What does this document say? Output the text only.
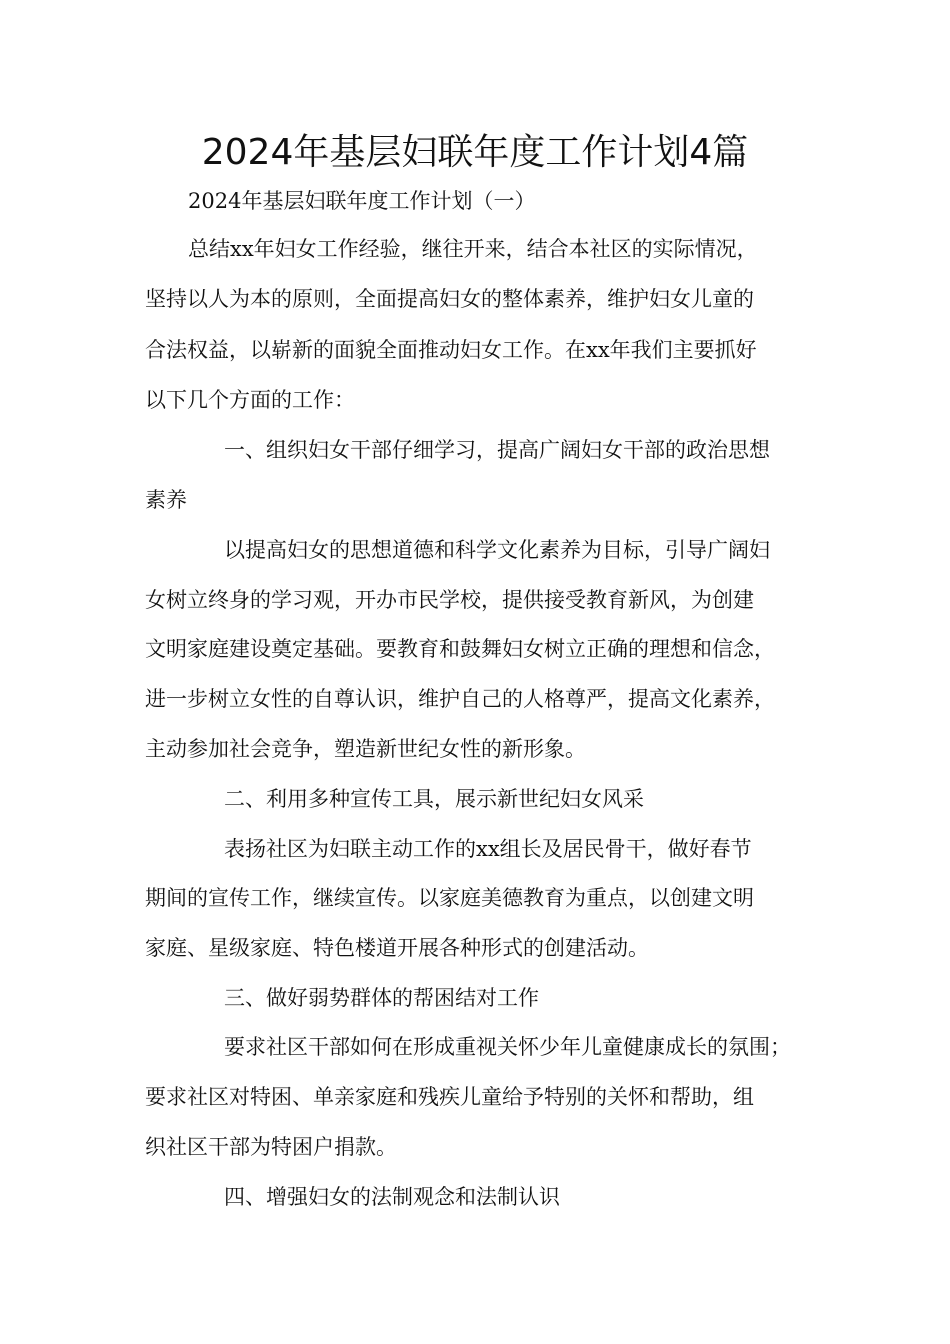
2024年基层妇联年度工作计划4篇
2024年基层妇联年度工作计划（一）
总结xx年妇女工作经验，继往开来，结合本社区的实际情况，
坚持以人为本的原则，全面提高妇女的整体素养，维护妇女儿童的
合法权益，以崭新的面貌全面推动妇女工作。在xx年我们主要抓好
以下几个方面的工作：
一、组织妇女干部仔细学习，提高广阔妇女干部的政治思想
素养
以提高妇女的思想道德和科学文化素养为目标，引导广阔妇
女树立终身的学习观，开办市民学校，提供接受教育新风，为创建
文明家庭建设奠定基础。要教育和鼓舞妇女树立正确的理想和信念，
进一步树立女性的自尊认识，维护自己的人格尊严，提高文化素养，
主动参加社会竞争，塑造新世纪女性的新形象。
二、利用多种宣传工具，展示新世纪妇女风采
表扬社区为妇联主动工作的xx组长及居民骨干，做好春节
期间的宣传工作，继续宣传。以家庭美德教育为重点，以创建文明
家庭、星级家庭、特色楼道开展各种形式的创建活动。
三、做好弱势群体的帮困结对工作
要求社区干部如何在形成重视关怀少年儿童健康成长的氛围；
要求社区对特困、单亲家庭和残疾儿童给予特别的关怀和帮助，组
织社区干部为特困户捐款。
四、增强妇女的法制观念和法制认识
